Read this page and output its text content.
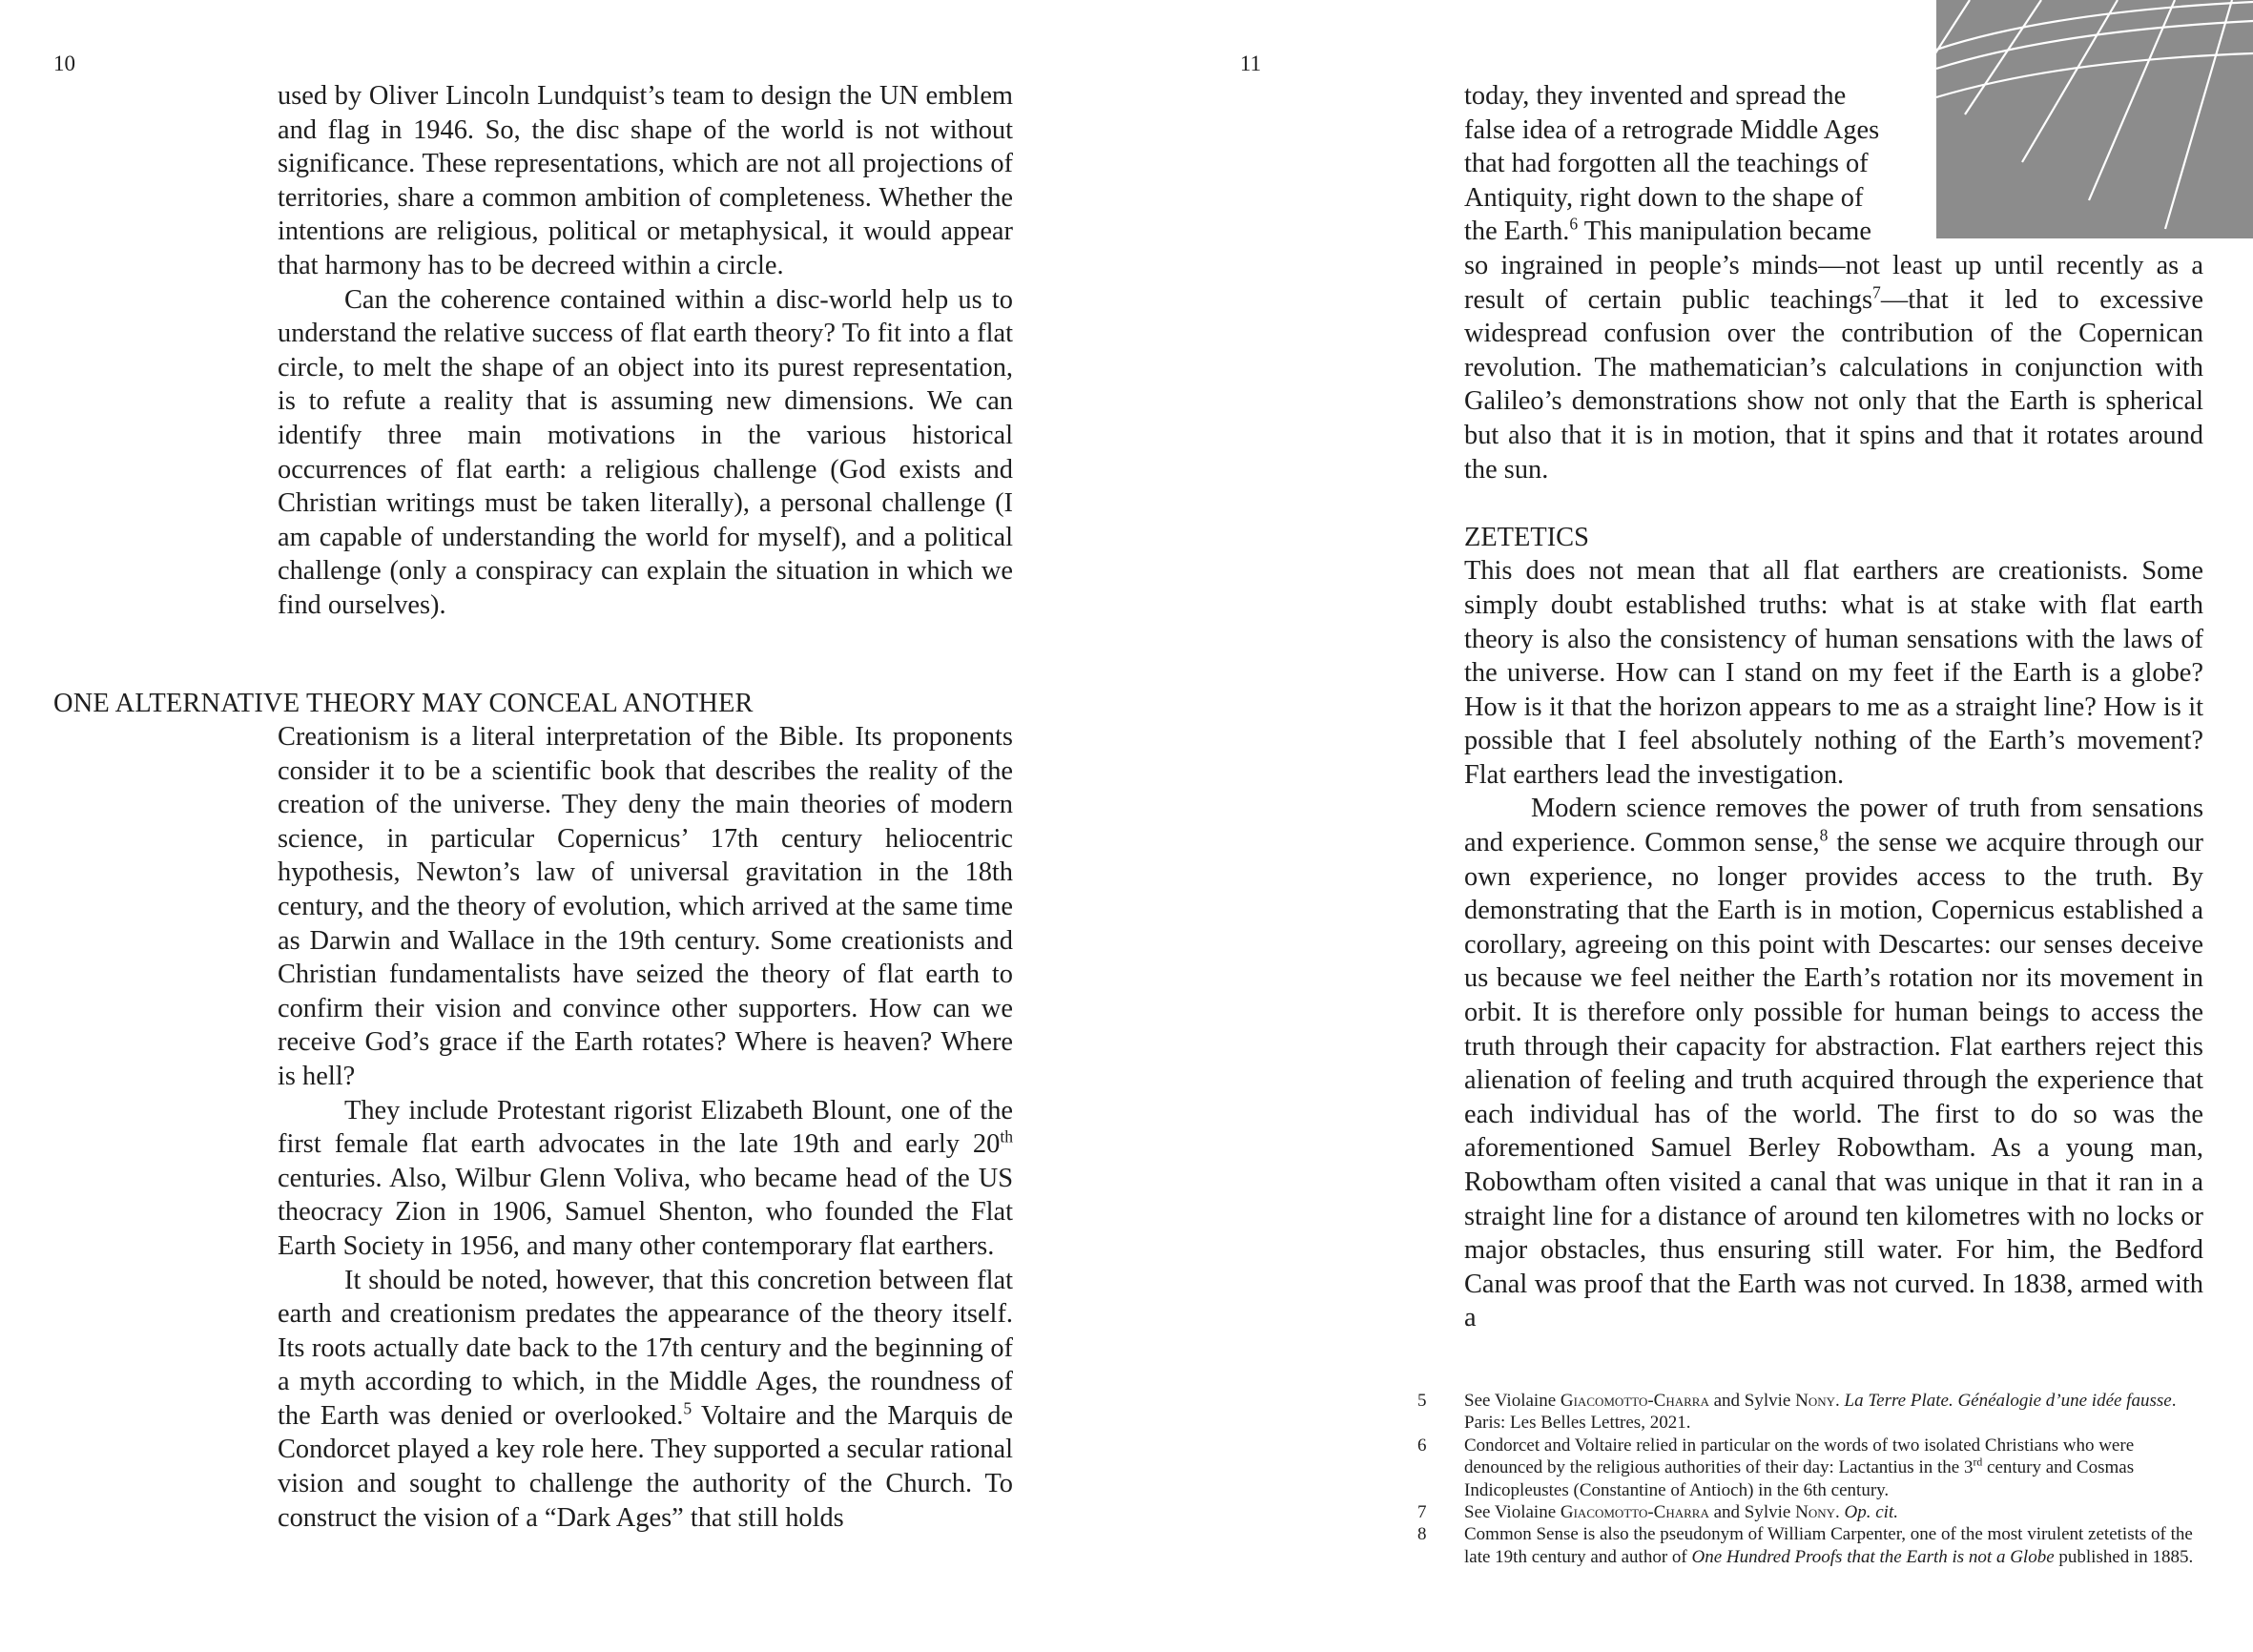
10

used by Oliver Lincoln Lundquist’s team to design the UN emblem and flag in 1946. So, the disc shape of the world is not without significance. These representations, which are not all projections of territories, share a common ambition of completeness. Whether the intentions are religious, political or metaphysical, it would appear that harmony has to be decreed within a circle.

Can the coherence contained within a disc-world help us to understand the relative success of flat earth theory? To fit into a flat circle, to melt the shape of an object into its purest representation, is to refute a reality that is assuming new dimensions. We can identify three main motivations in the various historical occurrences of flat earth: a religious challenge (God exists and Christian writings must be taken literally), a personal challenge (I am capable of understanding the world for myself), and a political challenge (only a conspiracy can explain the situation in which we find ourselves).

ONE ALTERNATIVE THEORY MAY CONCEAL ANOTHER

Creationism is a literal interpretation of the Bible. Its proponents consider it to be a scientific book that describes the reality of the creation of the universe. They deny the main theories of modern science, in particular Copernicus’ 17th century heliocentric hypothesis, Newton’s law of universal gravitation in the 18th century, and the theory of evolution, which arrived at the same time as Darwin and Wallace in the 19th century. Some creationists and Christian fundamentalists have seized the theory of flat earth to confirm their vision and convince other supporters. How can we receive God’s grace if the Earth rotates? Where is heaven? Where is hell?

They include Protestant rigorist Elizabeth Blount, one of the first female flat earth advocates in the late 19th and early 20th centuries. Also, Wilbur Glenn Voliva, who became head of the US theocracy Zion in 1906, Samuel Shenton, who founded the Flat Earth Society in 1956, and many other contemporary flat earthers.

It should be noted, however, that this concretion between flat earth and creationism predates the appearance of the theory itself. Its roots actually date back to the 17th century and the beginning of a myth according to which, in the Middle Ages, the roundness of the Earth was denied or overlooked.$^5$ Voltaire and the Marquis de Condorcet played a key role here. They supported a secular rational vision and sought to challenge the authority of the Church. To construct the vision of a “Dark Ages” that still holds

11
today, they invented and spread the
false idea of a retrograde Middle Ages
that had forgotten all the teachings of
Antiquity, right down to the shape of
the Earth.$^6$ This manipulation became

so ingrained in people’s minds—not least up until recently as a result of certain public teachings$^7$—that it led to excessive widespread confusion over the contribution of the Copernican revolution. The mathematician’s calculations in conjunction with Galileo’s demonstrations show not only that the Earth is spherical but also that it is in motion, that it spins and that it rotates around the sun.

ZETETICS

This does not mean that all flat earthers are creationists. Some simply doubt established truths: what is at stake with flat earth theory is also the consistency of human sensations with the laws of the universe. How can I stand on my feet if the Earth is a globe? How is it that the horizon appears to me as a straight line? How is it possible that I feel absolutely nothing of the Earth’s movement? Flat earthers lead the investigation.

Modern science removes the power of truth from sensations and experience. Common sense,$^8$ the sense we acquire through our own experience, no longer provides access to the truth. By demonstrating that the Earth is in motion, Copernicus established a corollary, agreeing on this point with Descartes: our senses deceive us because we feel neither the Earth’s rotation nor its movement in orbit. It is therefore only possible for human beings to access the truth through their capacity for abstraction. Flat earthers reject this alienation of feeling and truth acquired through the experience that each individual has of the world. The first to do so was the aforementioned Samuel Berley Robowtham. As a young man, Robowtham often visited a canal that was unique in that it ran in a straight line for a distance of around ten kilometres with no locks or major obstacles, thus ensuring still water. For him, the Bedford Canal was proof that the Earth was not curved. In 1838, armed with a

5 See Violaine Giacomotto-Charra and Sylvie Nony. La Terre Plate. Généalogie d’une idée fausse. Paris: Les Belles Lettres, 2021.
6 Condorcet and Voltaire relied in particular on the words of two isolated Christians who were denounced by the religious authorities of their day: Lactantius in the 3rd century and Cosmas Indicopleustes (Constantine of Antioch) in the 6th century.
7 See Violaine Giacomotto-Charra and Sylvie Nony. Op. cit.
8 Common Sense is also the pseudonym of William Carpenter, one of the most virulent zetetists of the late 19th century and author of One Hundred Proofs that the Earth is not a Globe published in 1885.
